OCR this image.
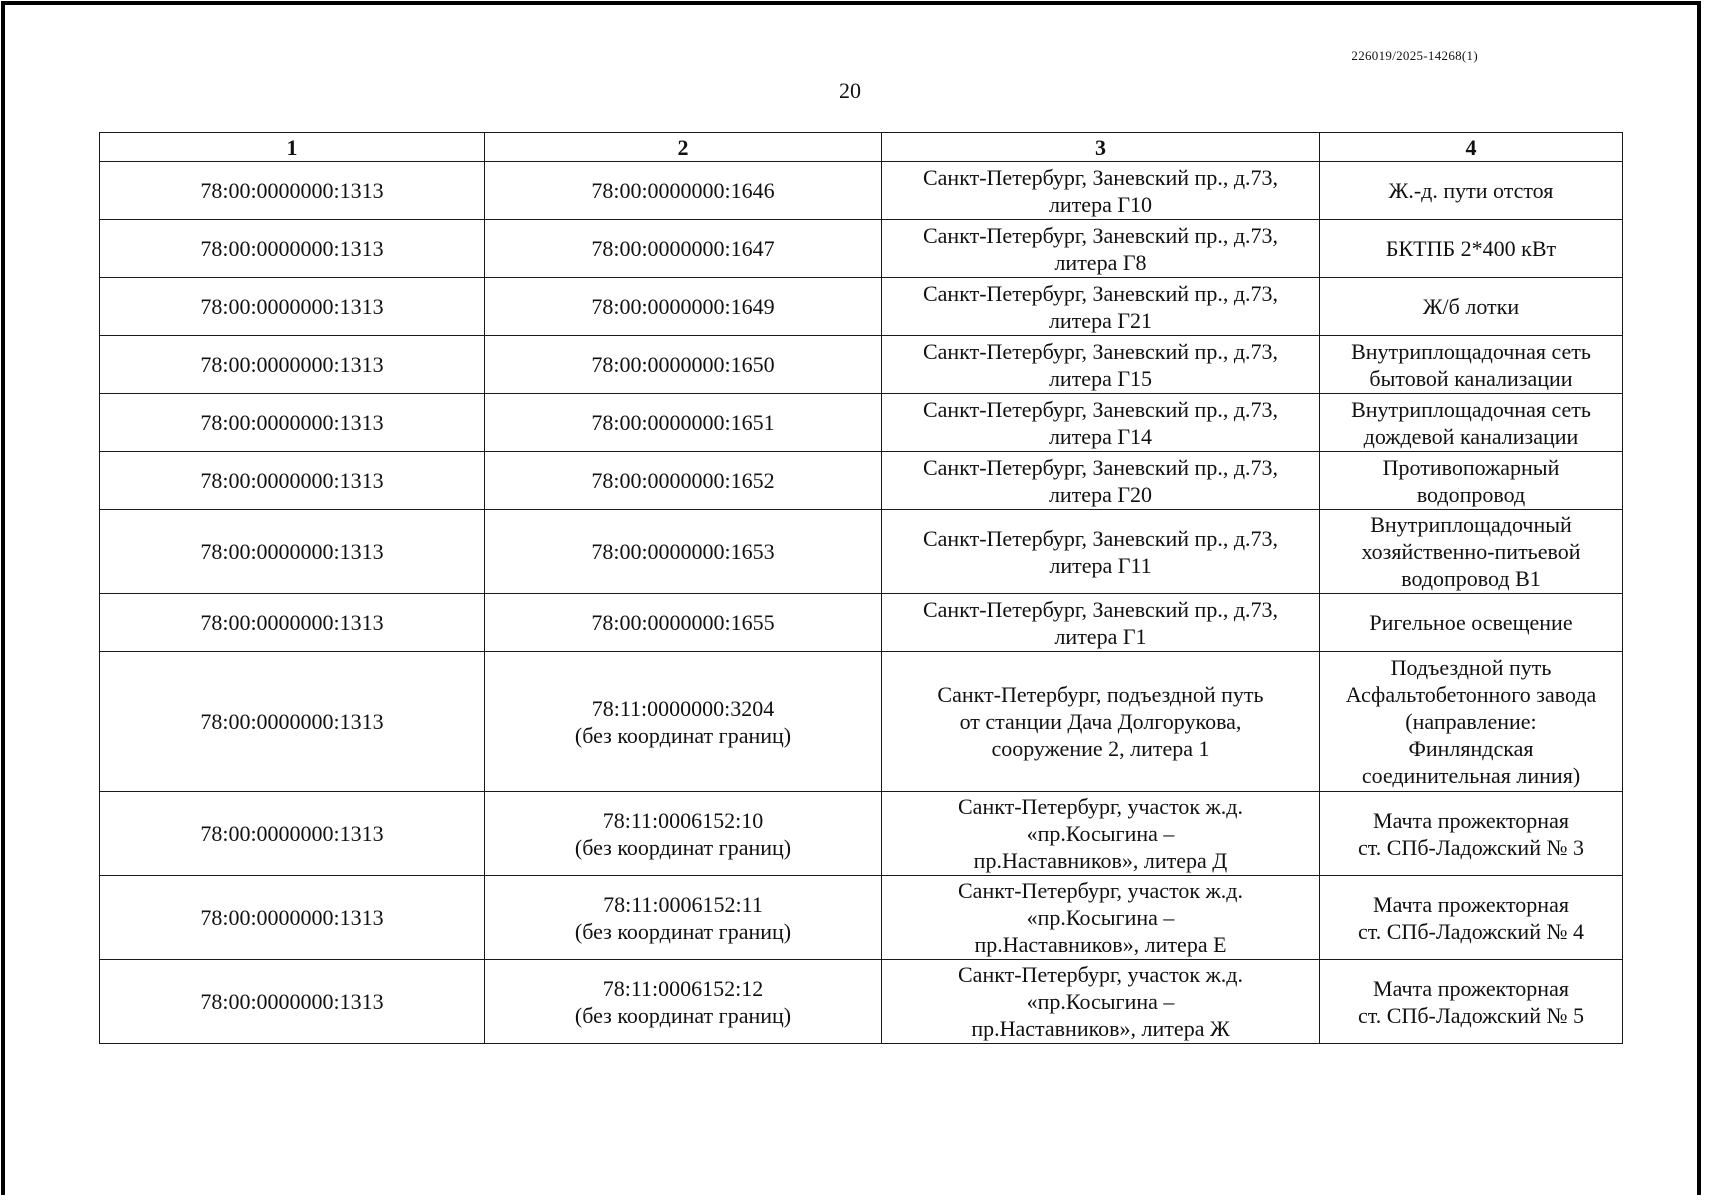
226019/2025-14268(1)
20
1	2	3	4

78:00:0000000:1313	78:00:0000000:1646	Санкт-Петербург, Заневский пр., д.73,
литера Г10	Ж.-д. пути отстоя

78:00:0000000:1313	78:00:0000000:1647	Санкт-Петербург, Заневский пр., д.73,
литера Г8	БКТПБ 2*400 кВт

78:00:0000000:1313	78:00:0000000:1649	Санкт-Петербург, Заневский пр., д.73,
литера Г21	Ж/б лотки

78:00:0000000:1313	78:00:0000000:1650	Санкт-Петербург, Заневский пр., д.73,
литера Г15	Внутриплощадочная сеть
бытовой канализации

78:00:0000000:1313	78:00:0000000:1651	Санкт-Петербург, Заневский пр., д.73,
литера Г14	Внутриплощадочная сеть
дождевой канализации

78:00:0000000:1313	78:00:0000000:1652	Санкт-Петербург, Заневский пр., д.73,
литера Г20	Противопожарный
водопровод

78:00:0000000:1313	78:00:0000000:1653	Санкт-Петербург, Заневский пр., д.73,
литера Г11	Внутриплощадочный
хозяйственно-питьевой
водопровод В1

78:00:0000000:1313	78:00:0000000:1655	Санкт-Петербург, Заневский пр., д.73,
литера Г1	Ригельное освещение

78:00:0000000:1313	78:11:0000000:3204
(без координат границ)	Санкт-Петербург, подъездной путь
от станции Дача Долгорукова,
сооружение 2, литера 1	Подъездной путь
Асфальтобетонного завода
(направление:
Финляндская
соединительная линия)

78:00:0000000:1313	78:11:0006152:10
(без координат границ)	Санкт-Петербург, участок ж.д.
«пр.Косыгина –
пр.Наставников», литера Д	Мачта прожекторная
ст. СПб-Ладожский № 3

78:00:0000000:1313	78:11:0006152:11
(без координат границ)	Санкт-Петербург, участок ж.д.
«пр.Косыгина –
пр.Наставников», литера Е	Мачта прожекторная
ст. СПб-Ладожский № 4

78:00:0000000:1313	78:11:0006152:12
(без координат границ)	Санкт-Петербург, участок ж.д.
«пр.Косыгина –
пр.Наставников», литера Ж	Мачта прожекторная
ст. СПб-Ладожский № 5
